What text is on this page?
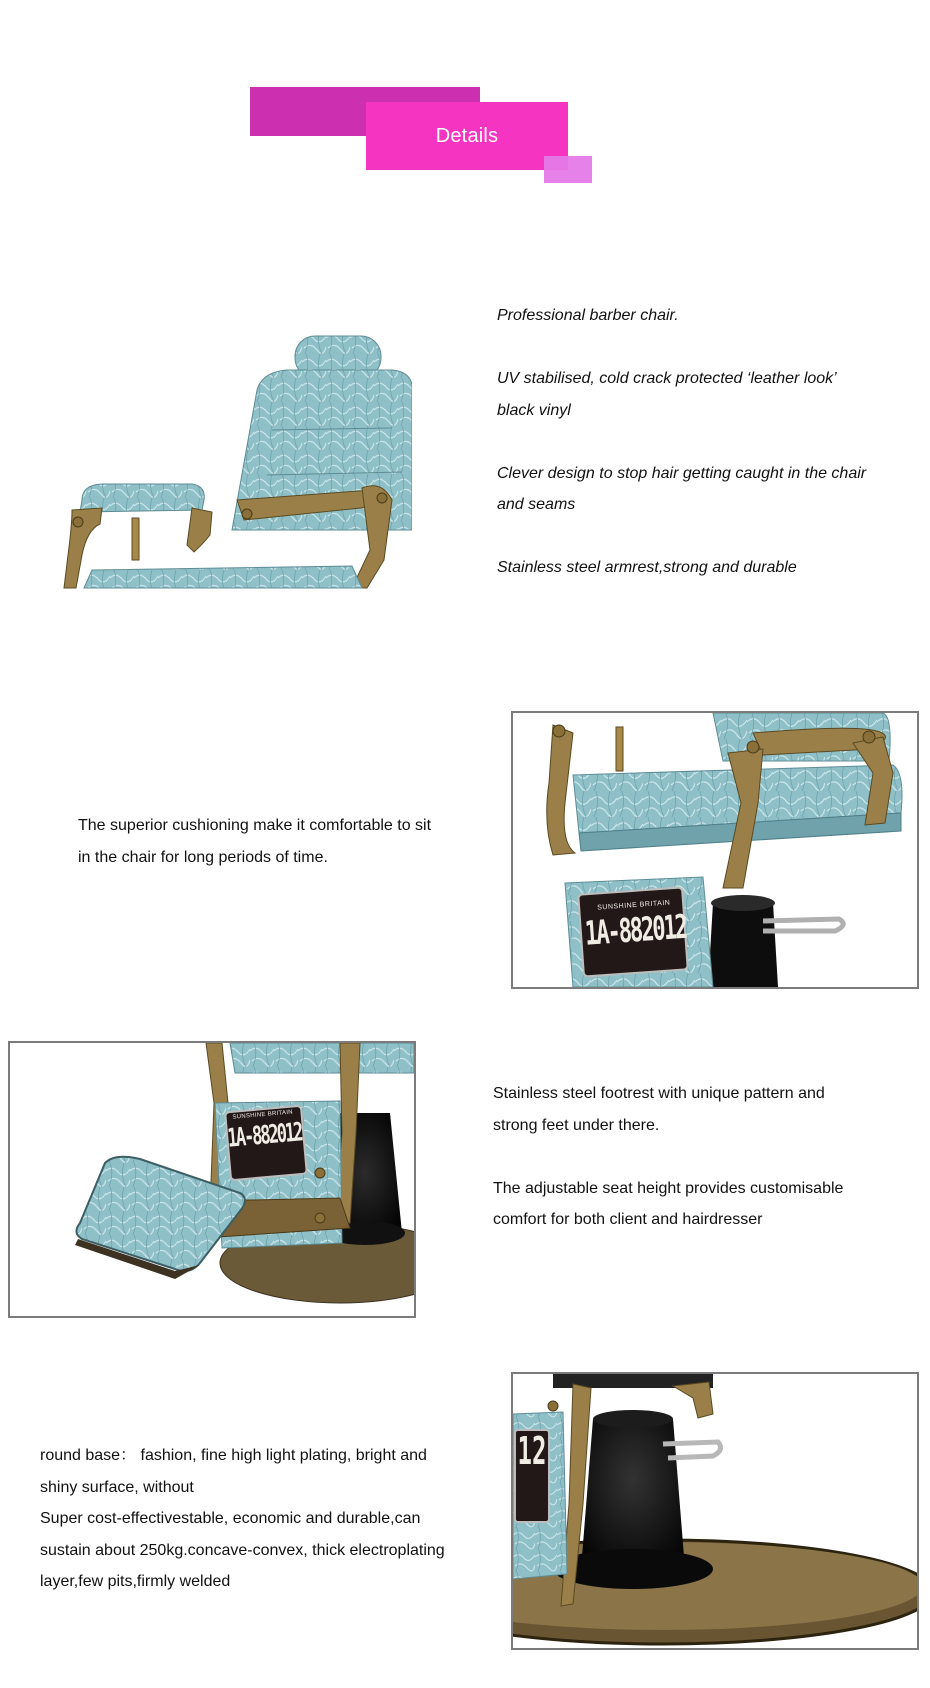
Details

Professional barber chair.

UV stabilised, cold crack protected ‘leather look’

black vinyl

Clever design to stop hair getting caught in the chair

and seams

Stainless steel armrest,strong and durable

The superior cushioning make it comfortable to sit

in the chair for long periods of time.

SUNSHINE BRITAIN
1A-882012
SUNSHINE BRITAIN
1A-882012

Stainless steel footrest with unique pattern and

strong feet under there.

The adjustable seat height provides customisable

comfort for both client and hairdresser

round base： fashion, fine high light plating, bright and

shiny surface, without

Super cost-effectivestable, economic and durable,can

sustain about 250kg.concave-convex, thick electroplating

layer,few pits,firmly welded

12
